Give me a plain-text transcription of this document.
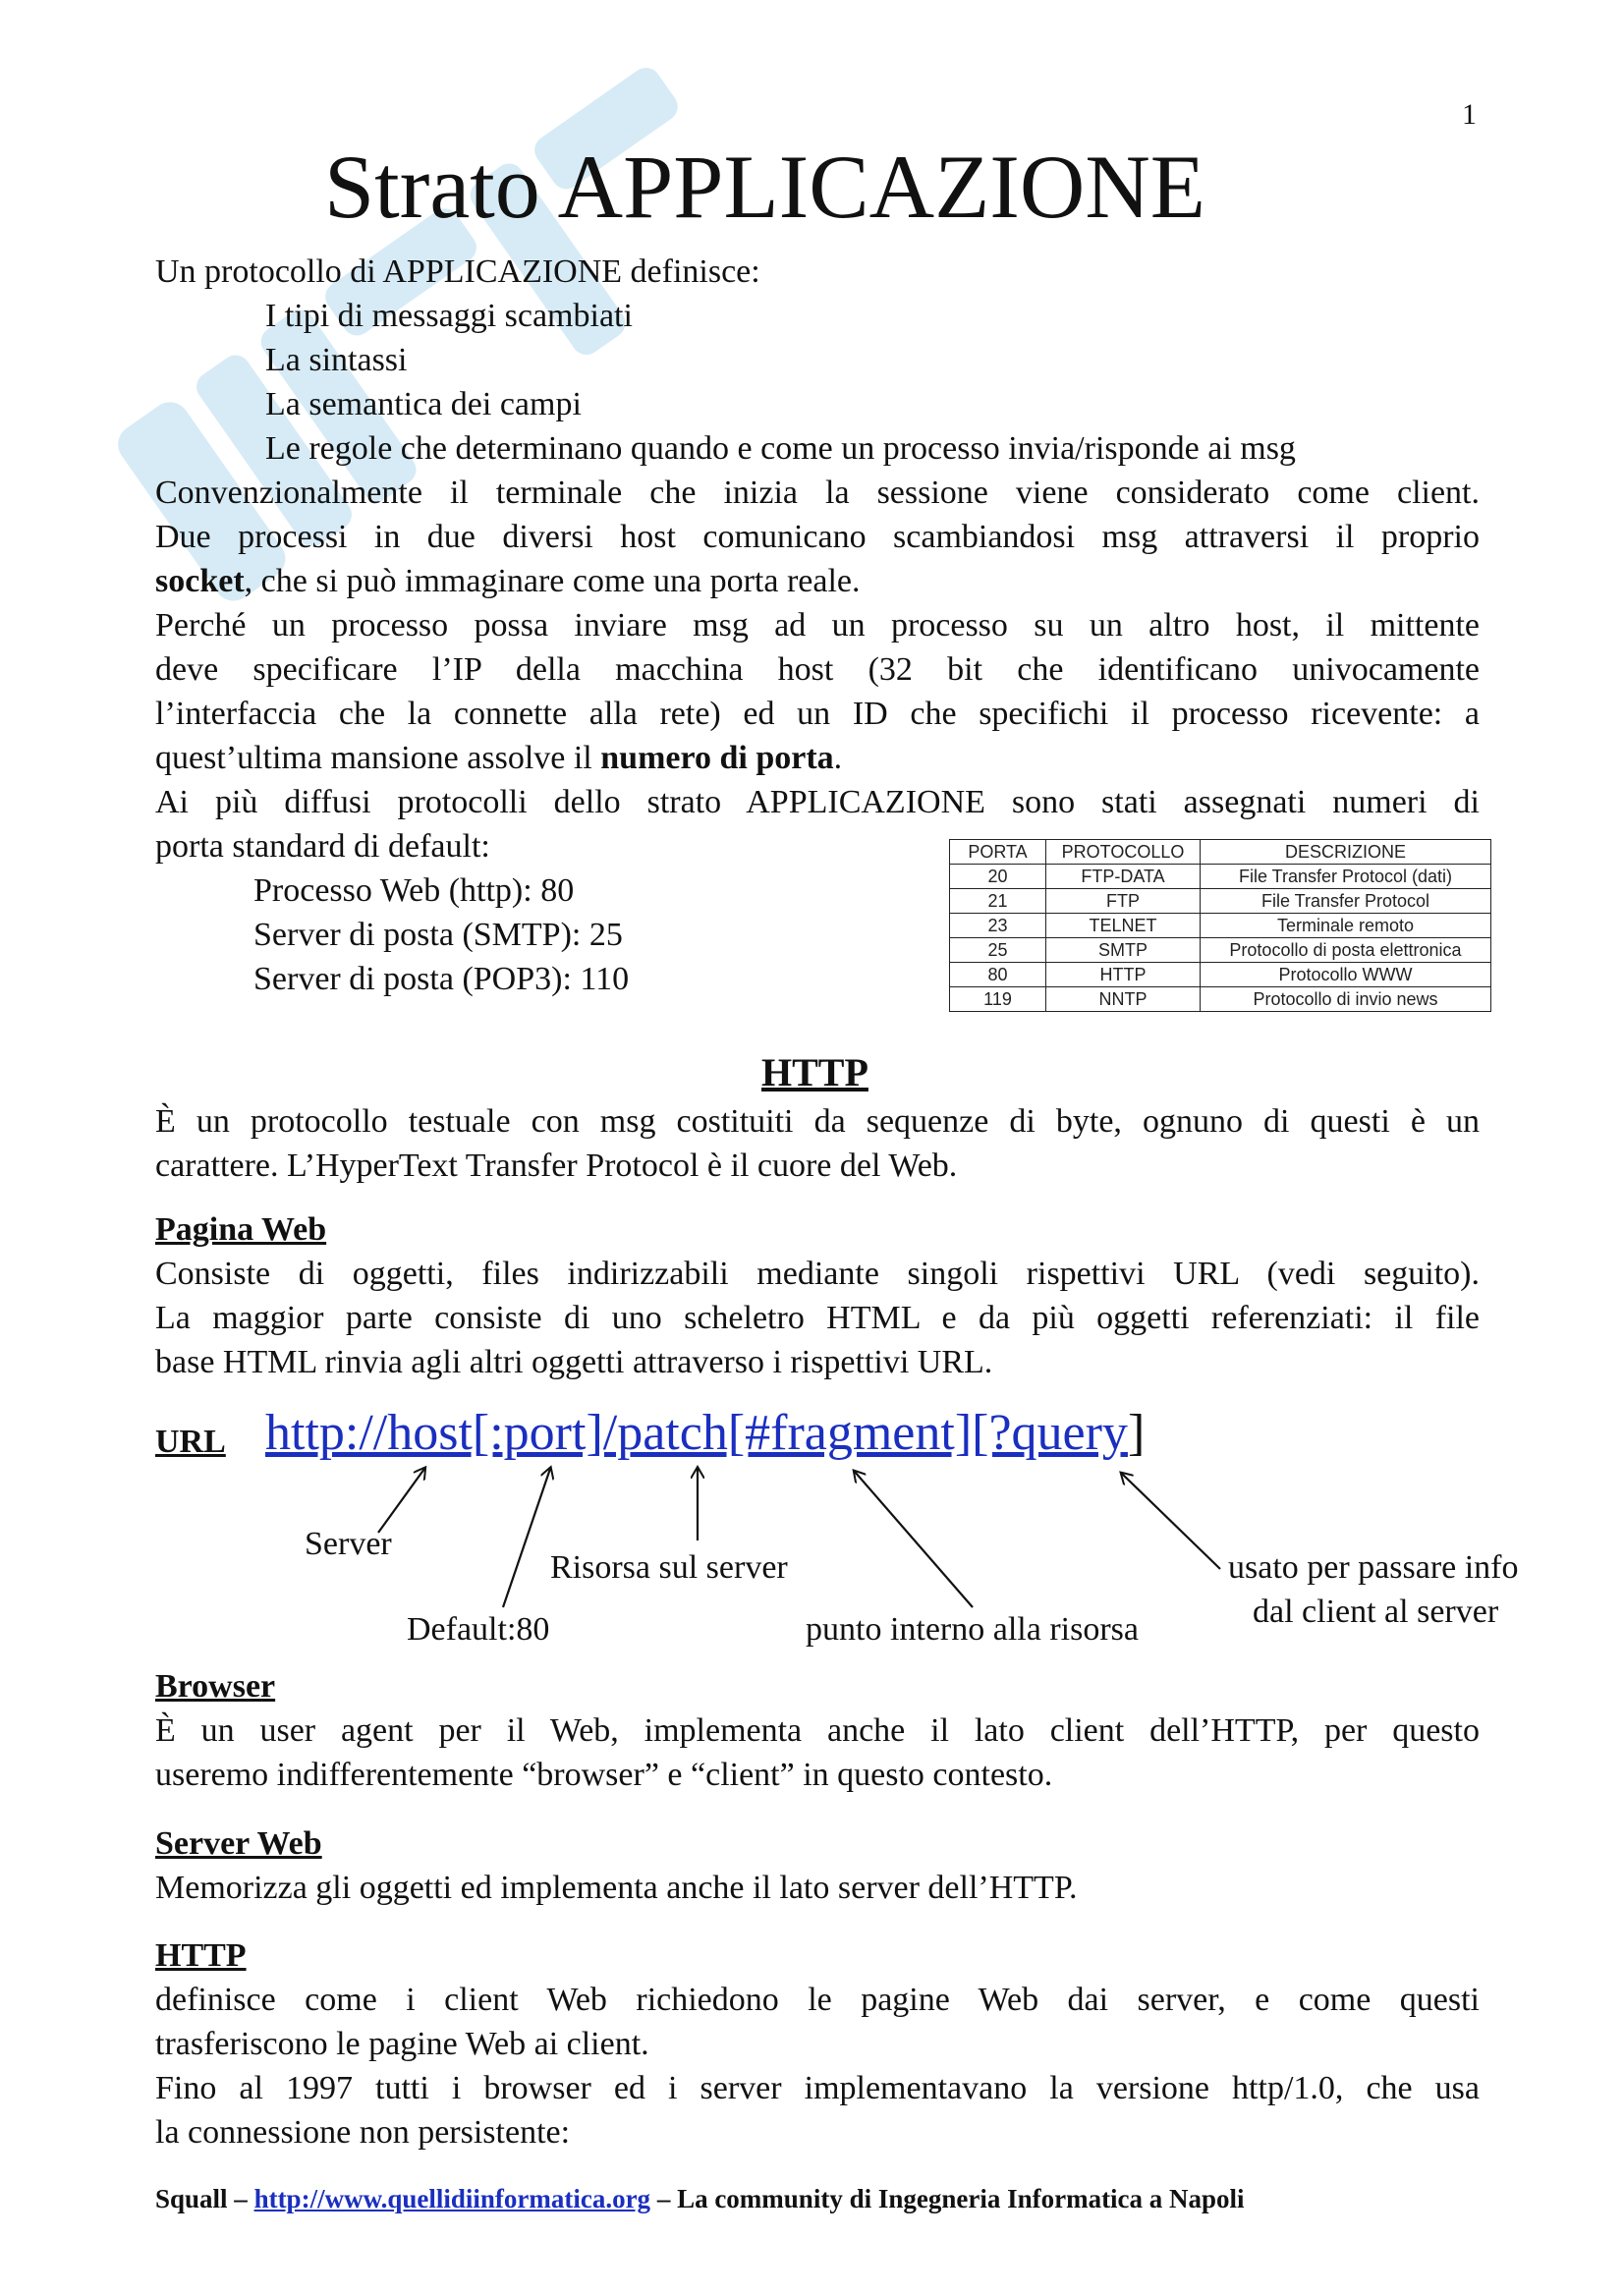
1
Strato APPLICAZIONE
Un protocollo di APPLICAZIONE definisce:
I tipi di messaggi scambiati
La sintassi
La semantica dei campi
Le regole che determinano quando e come un processo invia/risponde ai msg
Convenzionalmente il terminale che inizia la sessione viene considerato come client.
Due processi in due diversi host comunicano scambiandosi msg attraversi il proprio
socket, che si può immaginare come una porta reale.
Perché un processo possa inviare msg ad un processo su un altro host, il mittente
deve specificare l’IP della macchina host (32 bit che identificano univocamente
l’interfaccia che la connette alla rete) ed un ID che specifichi il processo ricevente: a
quest’ultima mansione assolve il numero di porta.
Ai più diffusi protocolli dello strato APPLICAZIONE sono stati assegnati numeri di
porta standard di default:
Processo Web (http): 80
Server di posta (SMTP): 25
Server di posta (POP3): 110
PORTA	PROTOCOLLO	DESCRIZIONE
20	FTP-DATA	File Transfer Protocol (dati)
21	FTP	File Transfer Protocol
23	TELNET	Terminale remoto
25	SMTP	Protocollo di posta elettronica
80	HTTP	Protocollo WWW
119	NNTP	Protocollo di invio news
HTTP
È un protocollo testuale con msg costituiti da sequenze di byte, ognuno di questi è un
carattere. L’HyperText Transfer Protocol è il cuore del Web.
Pagina Web
Consiste di oggetti, files indirizzabili mediante singoli rispettivi URL (vedi seguito).
La maggior parte consiste di uno scheletro HTML e da più oggetti referenziati: il file
base HTML rinvia agli altri oggetti attraverso i rispettivi URL.
URL http://host[:port]/patch[#fragment][?query]
Server
Risorsa sul server	usato per passare info
dal client al server
Default:80	punto interno alla risorsa
Browser
È un user agent per il Web, implementa anche il lato client dell’HTTP, per questo
useremo indifferentemente “browser” e “client” in questo contesto.
Server Web
Memorizza gli oggetti ed implementa anche il lato server dell’HTTP.
HTTP
definisce come i client Web richiedono le pagine Web dai server, e come questi
trasferiscono le pagine Web ai client.
Fino al 1997 tutti i browser ed i server implementavano la versione http/1.0, che usa
la connessione non persistente:
Squall – http://www.quellidiinformatica.org – La community di Ingegneria Informatica a Napoli
